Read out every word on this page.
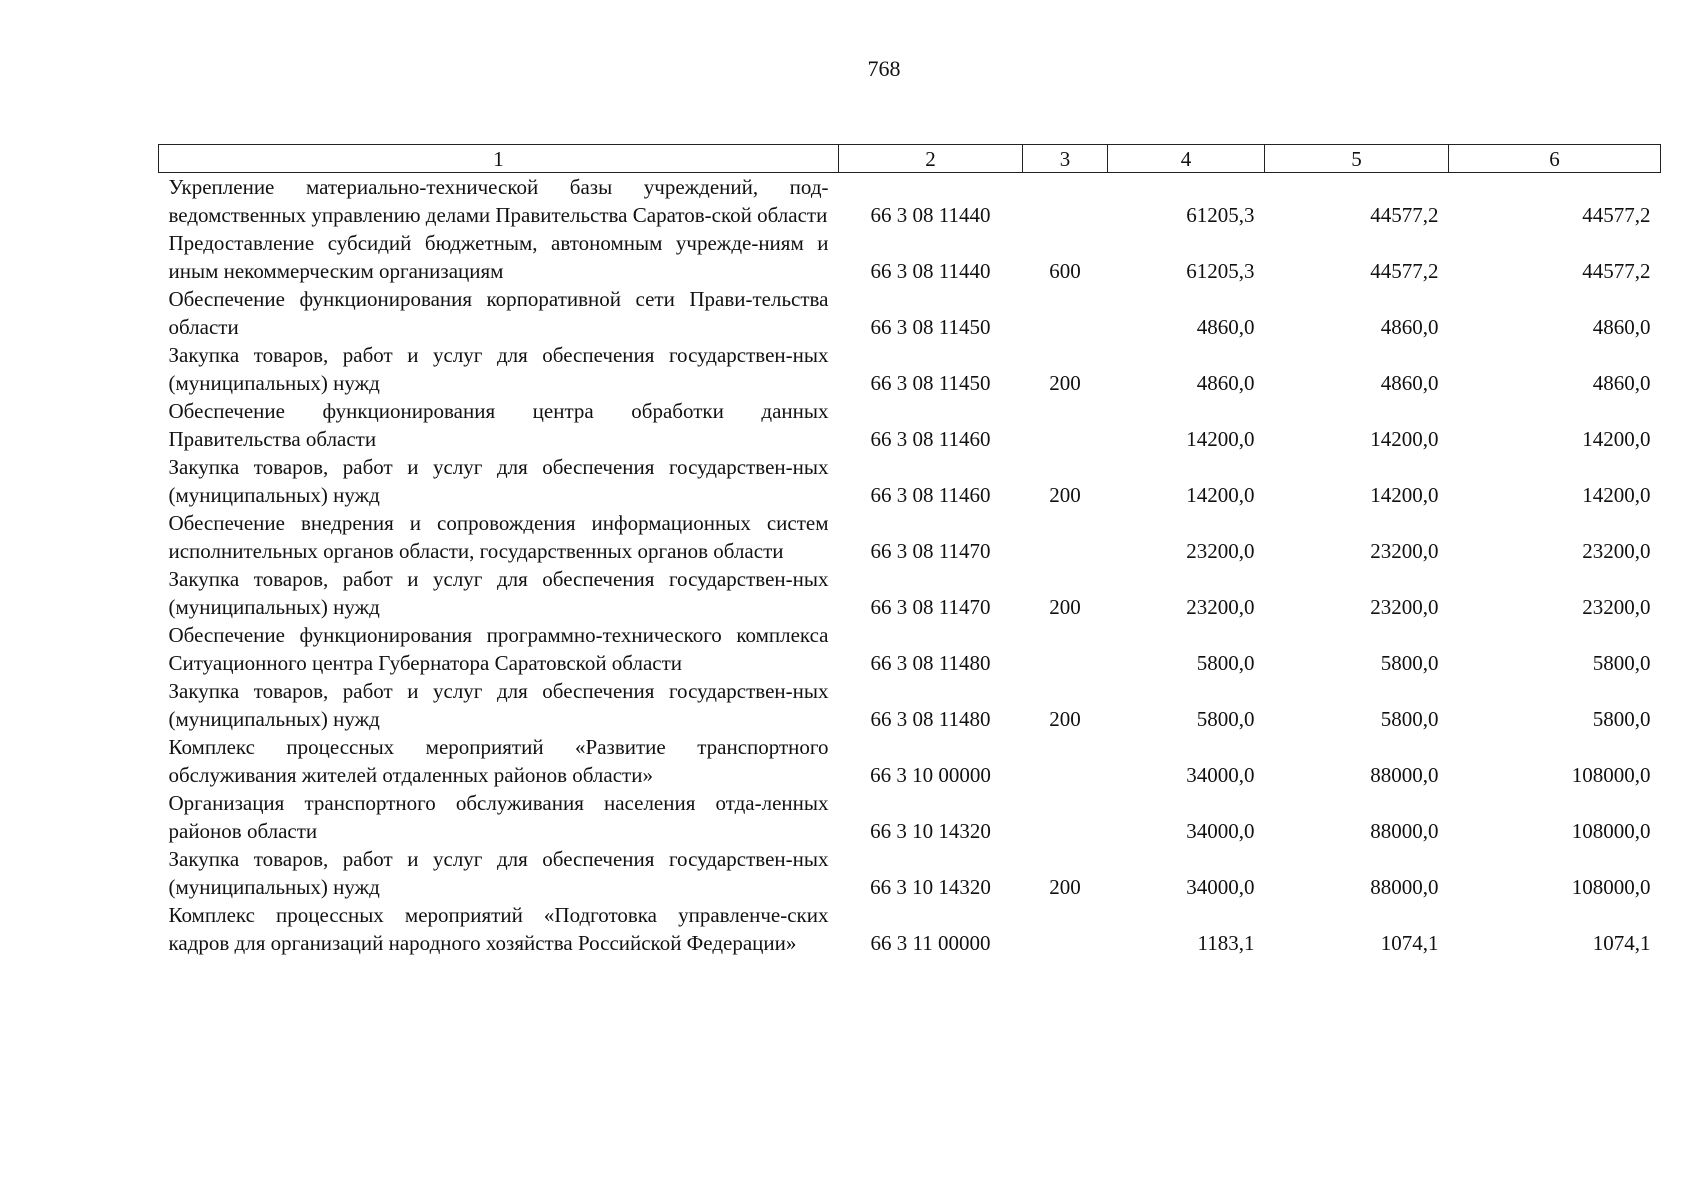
768
1	2	3	4	5	6
Укрепление материально-технической базы учреждений, под-ведомственных управлению делами Правительства Саратов-ской области	66 3 08 11440		61205,3	44577,2	44577,2
Предоставление субсидий бюджетным, автономным учрежде-ниям и иным некоммерческим организациям	66 3 08 11440	600	61205,3	44577,2	44577,2
Обеспечение функционирования корпоративной сети Прави-тельства области	66 3 08 11450		4860,0	4860,0	4860,0
Закупка товаров, работ и услуг для обеспечения государствен-ных (муниципальных) нужд	66 3 08 11450	200	4860,0	4860,0	4860,0
Обеспечение функционирования центра обработки данных Правительства области	66 3 08 11460		14200,0	14200,0	14200,0
Закупка товаров, работ и услуг для обеспечения государствен-ных (муниципальных) нужд	66 3 08 11460	200	14200,0	14200,0	14200,0
Обеспечение внедрения и сопровождения информационных систем исполнительных органов области, государственных органов области	66 3 08 11470		23200,0	23200,0	23200,0
Закупка товаров, работ и услуг для обеспечения государствен-ных (муниципальных) нужд	66 3 08 11470	200	23200,0	23200,0	23200,0
Обеспечение функционирования программно-технического комплекса Ситуационного центра Губернатора Саратовской области	66 3 08 11480		5800,0	5800,0	5800,0
Закупка товаров, работ и услуг для обеспечения государствен-ных (муниципальных) нужд	66 3 08 11480	200	5800,0	5800,0	5800,0
Комплекс процессных мероприятий «Развитие транспортного обслуживания жителей отдаленных районов области»	66 3 10 00000		34000,0	88000,0	108000,0
Организация транспортного обслуживания населения отда-ленных районов области	66 3 10 14320		34000,0	88000,0	108000,0
Закупка товаров, работ и услуг для обеспечения государствен-ных (муниципальных) нужд	66 3 10 14320	200	34000,0	88000,0	108000,0
Комплекс процессных мероприятий «Подготовка управленче-ских кадров для организаций народного хозяйства Российской Федерации»	66 3 11 00000		1183,1	1074,1	1074,1
